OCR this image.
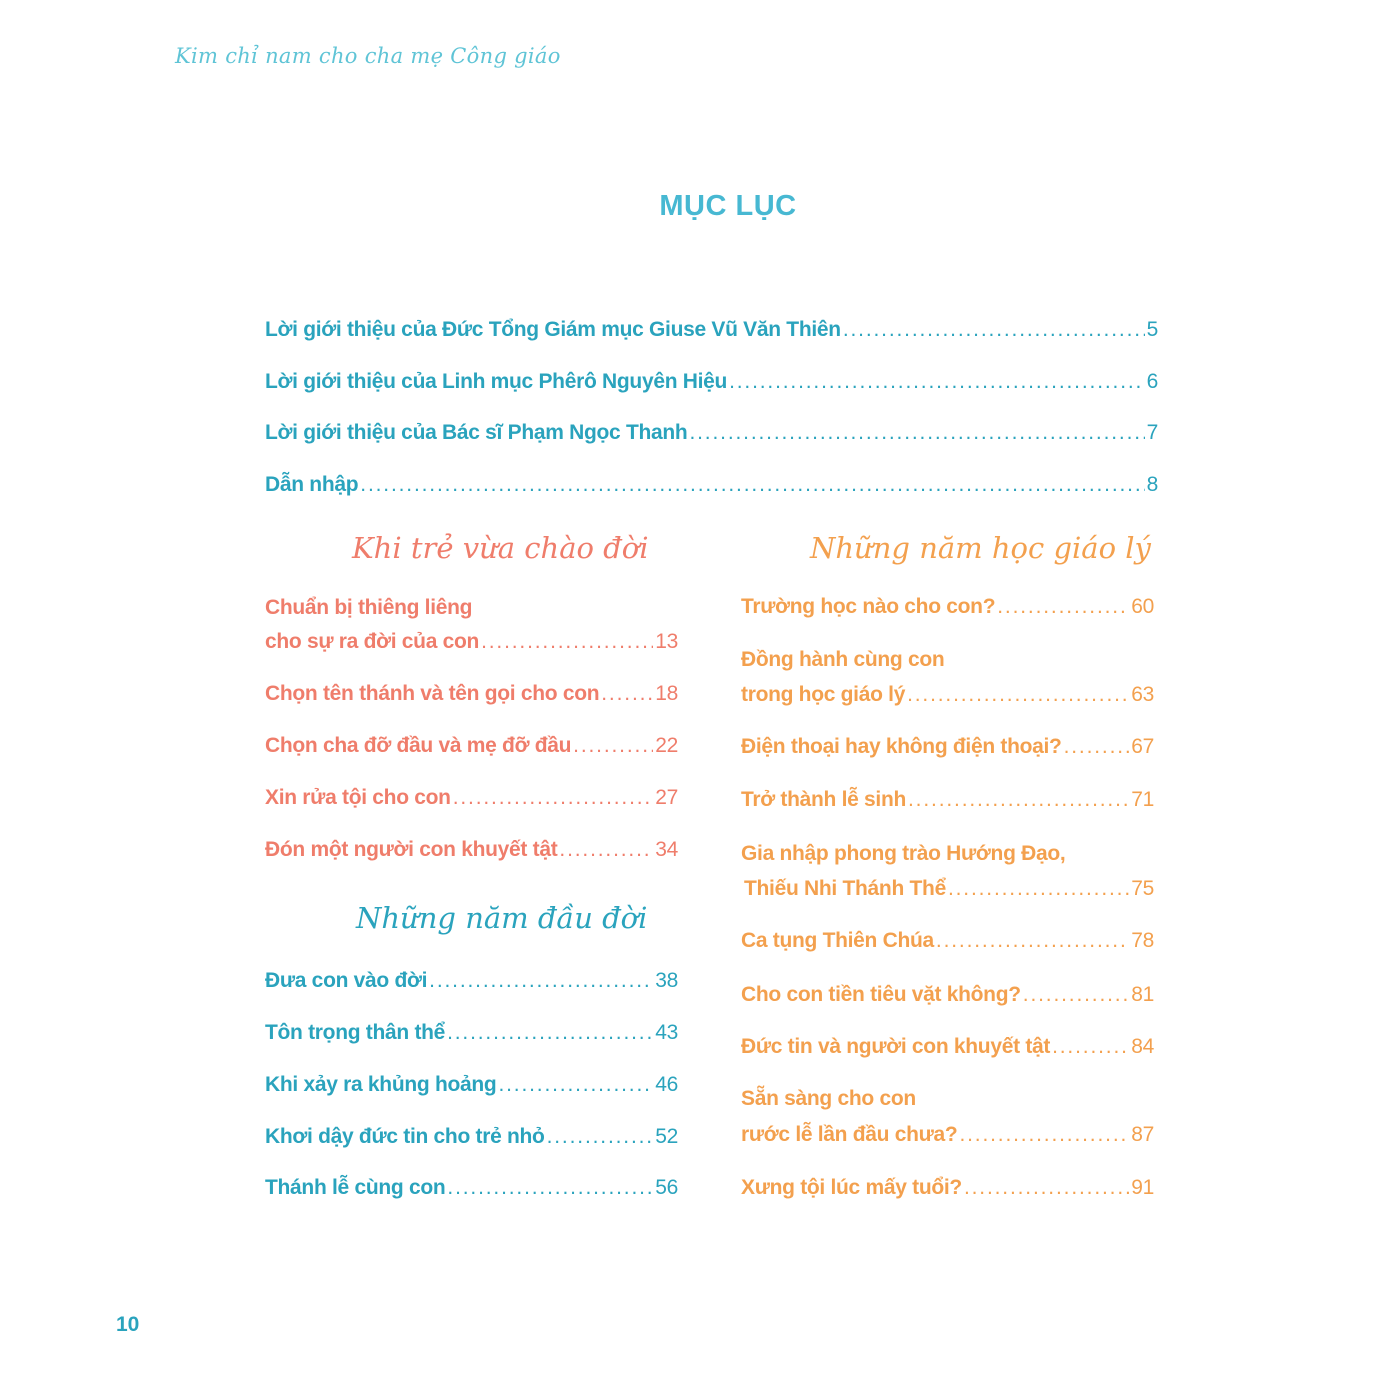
Kim chỉ nam cho cha mẹ Công giáo
MỤC LỤC
Lời giới thiệu của Đức Tổng Giám mục Giuse Vũ Văn Thiên . . .	5
Lời giới thiệu của Linh mục Phêrô Nguyên Hiệu . . .	6
Lời giới thiệu của Bác sĩ Phạm Ngọc Thanh . . .	7
Dẫn nhập . . .	8
Khi trẻ vừa chào đời
Chuẩn bị thiêng liêng
cho sự ra đời của con . . .	13
Chọn tên thánh và tên gọi cho con . . .	18
Chọn cha đỡ đầu và mẹ đỡ đầu . . .	22
Xin rửa tội cho con . . .	27
Đón một người con khuyết tật . . .	34
Những năm đầu đời
Đưa con vào đời . . .	38
Tôn trọng thân thể . . .	43
Khi xảy ra khủng hoảng . . .	46
Khơi dậy đức tin cho trẻ nhỏ . . .	52
Thánh lễ cùng con . . .	56
Những năm học giáo lý
Trường học nào cho con? . . .	60
Đồng hành cùng con
trong học giáo lý . . .	63
Điện thoại hay không điện thoại? . . .	67
Trở thành lễ sinh . . .	71
Gia nhập phong trào Hướng Đạo,
Thiếu Nhi Thánh Thể . . .	75
Ca tụng Thiên Chúa . . .	78
Cho con tiền tiêu vặt không? . . .	81
Đức tin và người con khuyết tật . . .	84
Sẵn sàng cho con
rước lễ lần đầu chưa? . . .	87
Xưng tội lúc mấy tuổi? . . .	91
10
